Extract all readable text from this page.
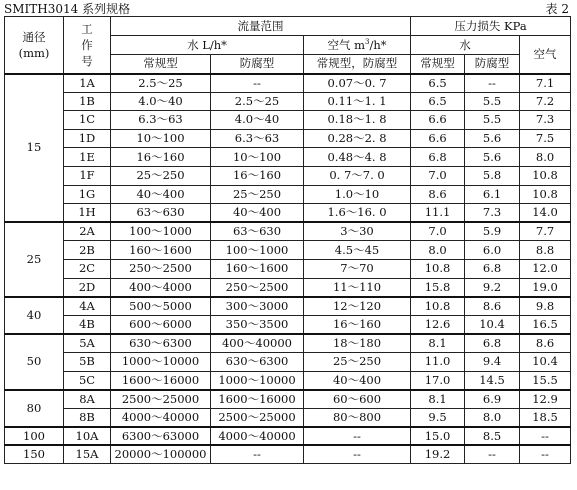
SMITH3014 系列规格	表 2
通径
(mm)	工
作
号	流量范围			压力损失 KPa		
		水 L/h*		空气 $m^3/h*$	水		空气
		常规型	防腐型	常规型，防腐型	常规型	防腐型	
15	1A	2.5～25	--	0.07～0. 7	6.5	--	7.1
	1B	4.0～40	2.5～25	0.11～1. 1	6.5	5.5	7.2
	1C	6.3～63	4.0～40	0.18～1. 8	6.6	5.5	7.3
	1D	10～100	6.3～63	0.28～2. 8	6.6	5.6	7.5
	1E	16～160	10～100	0.48～4. 8	6.8	5.6	8.0
	1F	25～250	16～160	0. 7～7. 0	7.0	5.8	10.8
	1G	40～400	25～250	1.0～10	8.6	6.1	10.8
	1H	63～630	40～400	1.6～16. 0	11.1	7.3	14.0
25	2A	100～1000	63～630	3～30	7.0	5.9	7.7
	2B	160～1600	100～1000	4.5～45	8.0	6.0	8.8
	2C	250～2500	160～1600	7～70	10.8	6.8	12.0
	2D	400～4000	250～2500	11～110	15.8	9.2	19.0
40	4A	500～5000	300～3000	12～120	10.8	8.6	9.8
	4B	600～6000	350～3500	16～160	12.6	10.4	16.5
50	5A	630～6300	400～40000	18～180	8.1	6.8	8.6
	5B	1000～10000	630～6300	25～250	11.0	9.4	10.4
	5C	1600～16000	1000～10000	40～400	17.0	14.5	15.5
80	8A	2500～25000	1600～16000	60～600	8.1	6.9	12.9
	8B	4000～40000	2500～25000	80～800	9.5	8.0	18.5
100	10A	6300～63000	4000～40000	--	15.0	8.5	--
150	15A	20000～100000	--	--	19.2	--	--
